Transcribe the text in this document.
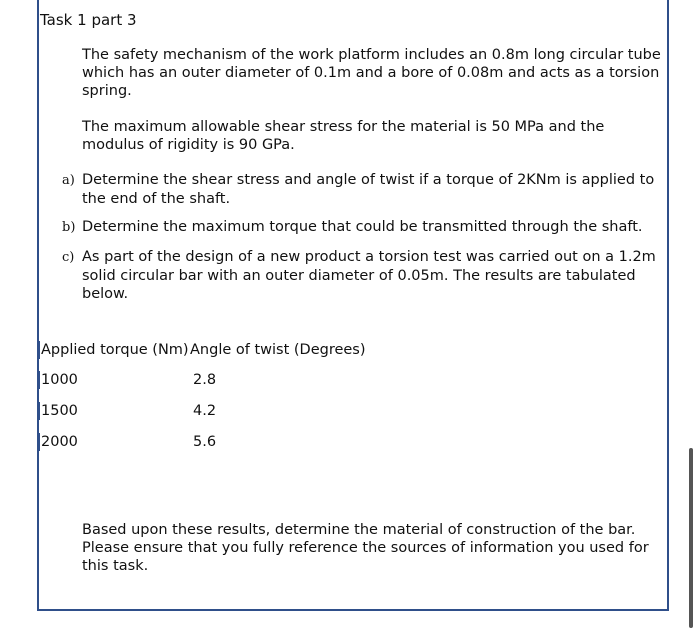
Task 1 part 3
The safety mechanism of the work platform includes an 0.8m long circular tube which has an outer diameter of 0.1m and a bore of 0.08m and acts as a torsion spring.
The maximum allowable shear stress for the material is 50 MPa and the modulus of rigidity is 90 GPa.
a) Determine the shear stress and angle of twist if a torque of 2KNm is applied to the end of the shaft.
b) Determine the maximum torque that could be transmitted through the shaft.
c) As part of the design of a new product a torsion test was carried out on a 1.2m solid circular bar with an outer diameter of 0.05m. The results are tabulated below.
Applied torque (Nm) Angle of twist (Degrees)
1000	2.8
1500	4.2
2000	5.6
Based upon these results, determine the material of construction of the bar. Please ensure that you fully reference the sources of information you used for this task.
